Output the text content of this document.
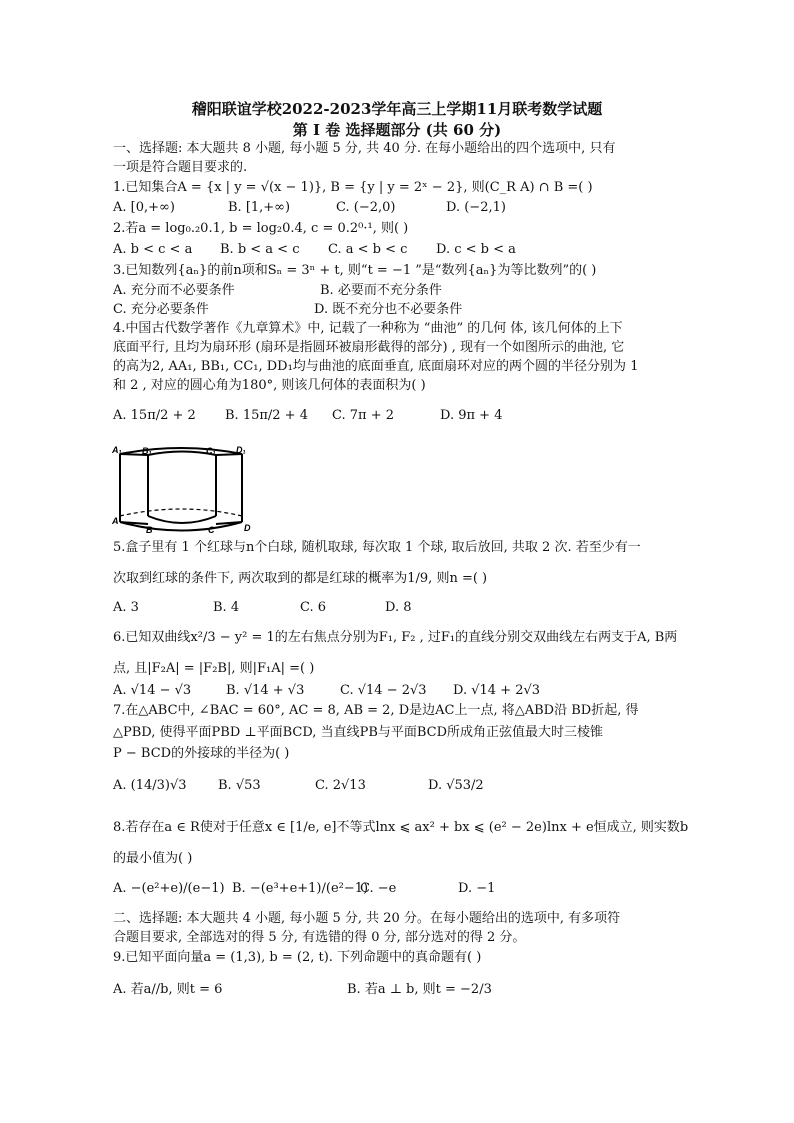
稽阳联谊学校2022-2023学年高三上学期11月联考数学试题
第 I 卷 选择题部分 (共 60 分)
一、选择题: 本大题共 8 小题, 每小题 5 分, 共 40 分. 在每小题给出的四个选项中, 只有
一项是符合题目要求的.
1.已知集合A = {x | y = √(x − 1)}, B = {y | y = 2ˣ − 2}, 则(C_R A) ∩ B =( )
A. [0,+∞)	B. [1,+∞)	C. (−2,0)	D. (−2,1)
2.若a = log₀.₂0.1, b = log₂0.4, c = 0.2⁰·¹, 则( )
A. b < c < a B. b < a < c C. a < b < c D. c < b < a
3.已知数列{aₙ}的前n项和Sₙ = 3ⁿ + t, 则“t = −1 ”是“数列{aₙ}为等比数列”的( )
A. 充分而不必要条件	B. 必要而不充分条件
C. 充分必要条件	D. 既不充分也不必要条件
4.中国古代数学著作《九章算术》中, 记载了一种称为 “曲池” 的几何 体, 该几何体的上下
底面平行, 且均为扇环形 (扇环是指圆环被扇形截得的部分) , 现有一个如图所示的曲池, 它
的高为2, AA₁, BB₁, CC₁, DD₁均与曲池的底面垂直, 底面扇环对应的两个圆的半径分别为 1
和 2 , 对应的圆心角为180°, 则该几何体的表面积为( )
A. 15π/2 + 2 B. 15π/2 + 4 C. 7π + 2	D. 9π + 4
A₁ B₁	C₁ D₁
A
B	C	D
5.盒子里有 1 个红球与n个白球, 随机取球, 每次取 1 个球, 取后放回, 共取 2 次. 若至少有一
次取到红球的条件下, 两次取到的都是红球的概率为1/9, 则n =( )
A. 3	B. 4	C. 6	D. 8
6.已知双曲线x²/3 − y² = 1的左右焦点分别为F₁, F₂ , 过F₁的直线分别交双曲线左右两支于A, B两
点, 且|F₂A| = |F₂B|, 则|F₁A| =( )
A. √14 − √3	B. √14 + √3	C. √14 − 2√3 D. √14 + 2√3
7.在△ABC中, ∠BAC = 60°, AC = 8, AB = 2, D是边AC上一点, 将△ABD沿 BD折起, 得
△PBD, 使得平面PBD ⊥平面BCD, 当直线PB与平面BCD所成角正弦值最大时三棱锥
P − BCD的外接球的半径为( )
A. (14/3)√3 B. √53	C. 2√13	D. √53/2
8.若存在a ∈ R使对于任意x ∈ [1/e, e]不等式lnx ⩽ ax² + bx ⩽ (e² − 2e)lnx + e恒成立, 则实数b
的最小值为( )
A. −(e²+e)/(e−1) B. −(e³+e+1)/(e²−1)
C. −e	D. −1
二、选择题: 本大题共 4 小题, 每小题 5 分, 共 20 分。在每小题给出的选项中, 有多项符
合题目要求, 全部选对的得 5 分, 有选错的得 0 分, 部分选对的得 2 分。
9.已知平面向量a = (1,3), b = (2, t). 下列命题中的真命题有( )
A. 若a//b, 则t = 6	B. 若a ⊥ b, 则t = −2/3
